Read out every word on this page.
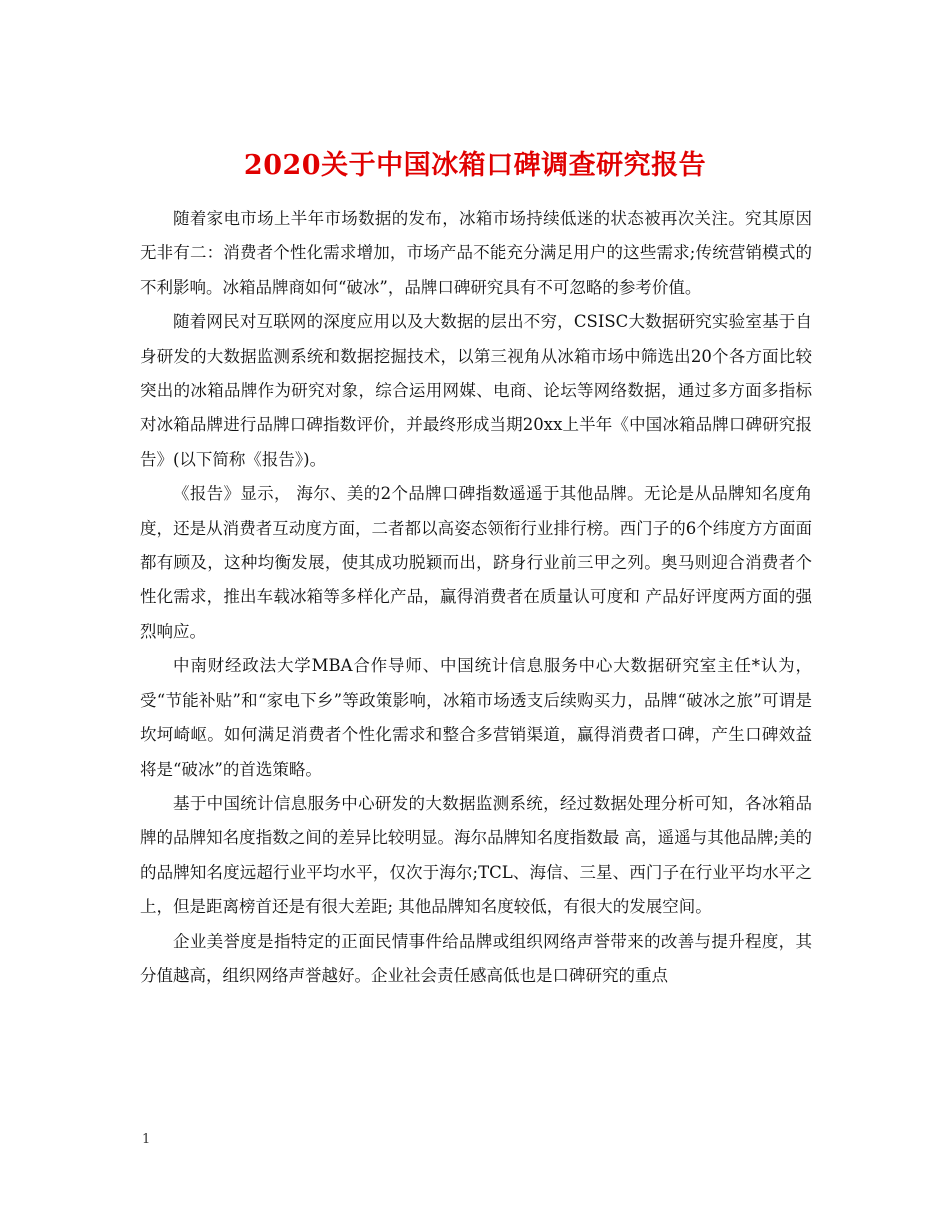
2020关于中国冰箱口碑调查研究报告

随着家电市场上半年市场数据的发布，冰箱市场持续低迷的状态被再次关注。究其原因无非有二：消费者个性化需求增加，市场产品不能充分满足用户的这些需求;传统营销模式的不利影响。冰箱品牌商如何“破冰”，品牌口碑研究具有不可忽略的参考价值。

随着网民对互联网的深度应用以及大数据的层出不穷，CSISC大数据研究实验室基于自身研发的大数据监测系统和数据挖掘技术，以第三视角从冰箱市场中筛选出20个各方面比较突出的冰箱品牌作为研究对象，综合运用网媒、电商、论坛等网络数据，通过多方面多指标对冰箱品牌进行品牌口碑指数评价，并最终形成当期20xx上半年《中国冰箱品牌口碑研究报告》(以下简称《报告》)。

《报告》显示， 海尔、美的2个品牌口碑指数遥遥于其他品牌。无论是从品牌知名度角度，还是从消费者互动度方面，二者都以高姿态领衔行业排行榜。西门子的6个纬度方方面面都有顾及，这种均衡发展，使其成功脱颖而出，跻身行业前三甲之列。奥马则迎合消费者个性化需求，推出车载冰箱等多样化产品，赢得消费者在质量认可度和 产品好评度两方面的强烈响应。

中南财经政法大学MBA合作导师、中国统计信息服务中心大数据研究室主任*认为，受“节能补贴”和“家电下乡”等政策影响，冰箱市场透支后续购买力，品牌“破冰之旅”可谓是坎坷崎岖。如何满足消费者个性化需求和整合多营销渠道，赢得消费者口碑，产生口碑效益将是“破冰”的首选策略。

基于中国统计信息服务中心研发的大数据监测系统，经过数据处理分析可知，各冰箱品牌的品牌知名度指数之间的差异比较明显。海尔品牌知名度指数最 高，遥遥与其他品牌;美的的品牌知名度远超行业平均水平，仅次于海尔;TCL、海信、三星、西门子在行业平均水平之上，但是距离榜首还是有很大差距; 其他品牌知名度较低，有很大的发展空间。

企业美誉度是指特定的正面民情事件给品牌或组织网络声誉带来的改善与提升程度，其分值越高，组织网络声誉越好。企业社会责任感高低也是口碑研究的重点

1
